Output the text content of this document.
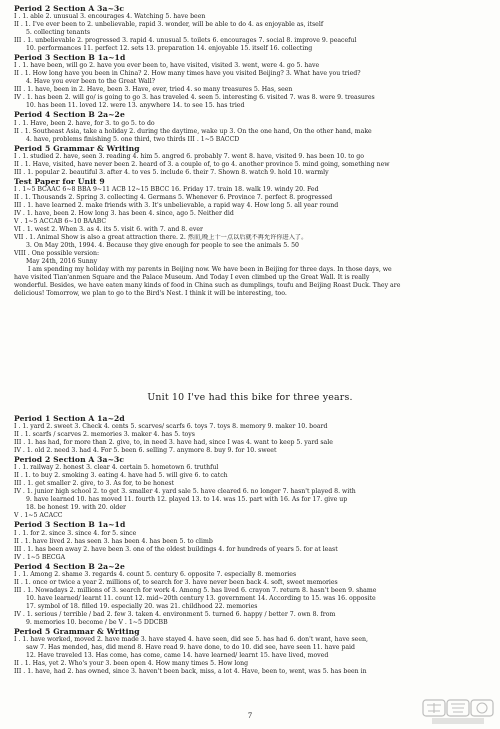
Period 2 Section A 3a~3c
I . 1. able 2. unusual 3. encourages 4. Watching 5. have been
II . 1. I've ever been to 2. unbelievable, rapid 3. wonder, will be able to do 4. as enjoyable as, itself
5. collecting tenants
III . 1. unbelievable 2. progressed 3. rapid 4. unusual 5. toilets 6. encourages 7. social 8. improve 9. peaceful
10. performances 11. perfect 12. sets 13. preparation 14. enjoyable 15. itself 16. collecting
Period 3 Section B 1a~1d
I . 1. have been, will go 2. have you ever been to, have visited, visited 3. went, were 4. go 5. have
II . 1. How long have you been in China? 2. How many times have you visited Beijing? 3. What have you tried?
4. Have you ever been to the Great Wall?
III . 1. have, been in 2. Have, been 3. Have, ever, tried 4. so many treasures 5. Has, seen
IV . 1. has been 2. will go/ is going to go 3. has traveled 4. seen 5. interesting 6. visited 7. was 8. were 9. treasures
10. has been 11. loved 12. were 13. anywhere 14. to see 15. has tried
Period 4 Section B 2a~2e
I . 1. Have, been 2. have, for 3. to go 5. to do
II . 1. Southeast Asia, take a holiday 2. during the daytime, wake up 3. On the one hand, On the other hand, make
4. have, problems finishing 5. one third, two thirds III . 1~5 BACCD
Period 5 Grammar & Writing
I . 1. studied 2. have, seen 3. reading 4. him 5. angred 6. probably 7. went 8. have, visited 9. has been 10. to go
II . 1. Have, visited, have never been 2. heard of 3. a couple of, to go 4. another province 5. mind going, something new
III . 1. popular 2. beautiful 3. after 4. to ves 5. include 6. their 7. Shown 8. watch 9. hold 10. warmly
Test Paper for Unit 9
I . 1~5 BCAAC 6~8 BBA 9~11 ACB 12~15 BBCC 16. Friday 17. train 18. walk 19. windy 20. Fed
II . 1. Thousands 2. Spring 3. collecting 4. Germans 5. Whenever 6. Province 7. perfect 8. progressed
III . 1. have learned 2. make friends with 3. It's unbelievable, a rapid way 4. How long 5. all year round
IV . 1. have, been 2. How long 3. has been 4. since, ago 5. Neither did
V . 1~5 ACCAB 6~10 BAABC
VI . 1. west 2. When 3. as 4. its 5. visit 6. with 7. and 8. ever
VII . 1. Animal Show is also a great attraction there. 2. 然而,晚上十一点以后就不再允许你进入了。
3. On May 20th, 1994. 4. Because they give enough for people to see the animals 5. 50
VIII . One possible version:
May 24th, 2016 Sunny
I am spending my holiday with my parents in Beijing now. We have been in Beijing for three days. In those days, we
have visited Tian'anmen Square and the Palace Museum. And Today I even climbed up the Great Wall. It is really
wonderful. Besides, we have eaten many kinds of food in China such as dumplings, toufu and Beijing Roast Duck. They are
delicious! Tomorrow, we plan to go to the Bird's Nest. I think it will be interesting, too.
Unit 10 I've had this bike for three years.
Period 1 Section A 1a~2d
I . 1. yard 2. sweet 3. Check 4. cents 5. scarves/ scarfs 6. toys 7. toys 8. memory 9. maker 10. board
II . 1. scarfs / scarves 2. memories 3. maker 4. has 5. toys
III . 1. has had, for more than 2. give, to, in need 3. have had, since I was 4. want to keep 5. yard sale
IV . 1. old 2. need 3. had 4. For 5. been 6. selling 7. anymore 8. buy 9. for 10. sweet
Period 2 Section A 3a~3c
I . 1. railway 2. honest 3. clear 4. certain 5. hometown 6. truthful
II . 1. to buy 2. smoking 3. eating 4. have had 5. will give 6. to catch
III . 1. get smaller 2. give, to 3. As for, to be honest
IV . 1. junior high school 2. to get 3. smaller 4. yard sale 5. have cleared 6. no longer 7. hasn't played 8. with
9. have learned 10. has moved 11. fourth 12. played 13. to 14. was 15. part with 16. As for 17. give up
18. be honest 19. with 20. older
V . 1~5 ACACC
Period 3 Section B 1a~1d
I . 1. for 2. since 3. since 4. for 5. since
II . 1. have lived 2. has seen 3. has been 4. has been 5. to climb
III . 1. has been away 2. have been 3. one of the oldest buildings 4. for hundreds of years 5. for at least
IV . 1~5 BECGA
Period 4 Section B 2a~2e
I . 1. Among 2. shame 3. regards 4. count 5. century 6. opposite 7. especially 8. memories
II . 1. once or twice a year 2. millions of, to search for 3. have never been back 4. soft, sweet memories
III . 1. Nowadays 2. millions of 3. search for work 4. Among 5. has lived 6. crayon 7. return 8. hasn't been 9. shame
10. have learned/ learnt 11. count 12. mid~20th century 13. government 14. According to 15. was 16. opposite
17. symbol of 18. filled 19. especially 20. was 21. childhood 22. memories
IV . 1. serious / terrible / bad 2. few 3. taken 4. environment 5. turned 6. happy / better 7. own 8. from
9. memories 10. become / be V . 1~5 DDCBB
Period 5 Grammar & Writing
I . 1. have worked, moved 2. have made 3. have stayed 4. have seen, did see 5. has had 6. don't want, have seen,
saw 7. Has mended, has, did mend 8. Have read 9. have done, to do 10. did see, have seen 11. have paid
12. Have traveled 13. Has come, has come, came 14. have learned/ learnt 15. have lived, moved
II . 1. Has, yet 2. Who's your 3. been open 4. How many times 5. How long
III . 1. have, had 2. has owned, since 3. haven't been back, miss, a lot 4. Have, been to, went, was 5. has been in
7
